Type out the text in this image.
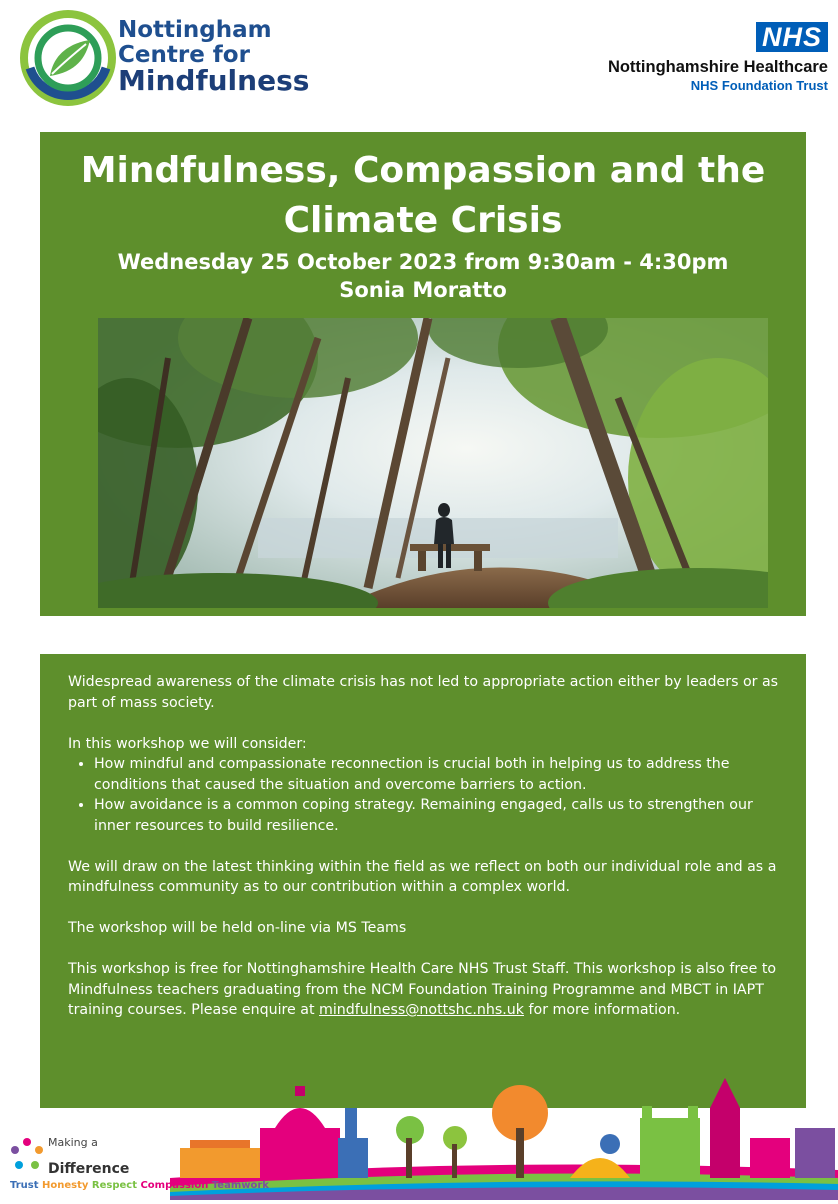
Nottingham
Centre for
Mindfulness
NHS
Nottinghamshire Healthcare
NHS Foundation Trust
Mindfulness, Compassion and the
Climate Crisis
Wednesday 25 October 2023 from 9:30am - 4:30pm
Sonia Moratto

Widespread awareness of the climate crisis has not led to appropriate action either by leaders or as part of mass society.

In this workshop we will consider:
• How mindful and compassionate reconnection is crucial both in helping us to address the conditions that caused the situation and overcome barriers to action.
• How avoidance is a common coping strategy. Remaining engaged, calls us to strengthen our inner resources to build resilience.

We will draw on the latest thinking within the field as we reflect on both our individual role and as a mindfulness community as to our contribution within a complex world.

The workshop will be held on-line via MS Teams

This workshop is free for Nottinghamshire Health Care NHS Trust Staff. This workshop is also free to Mindfulness teachers graduating from the NCM Foundation Training Programme and MBCT in IAPT training courses. Please enquire at mindfulness@nottshc.nhs.uk for more information.

Making a
Difference
Trust Honesty Respect Compassion Teamwork
